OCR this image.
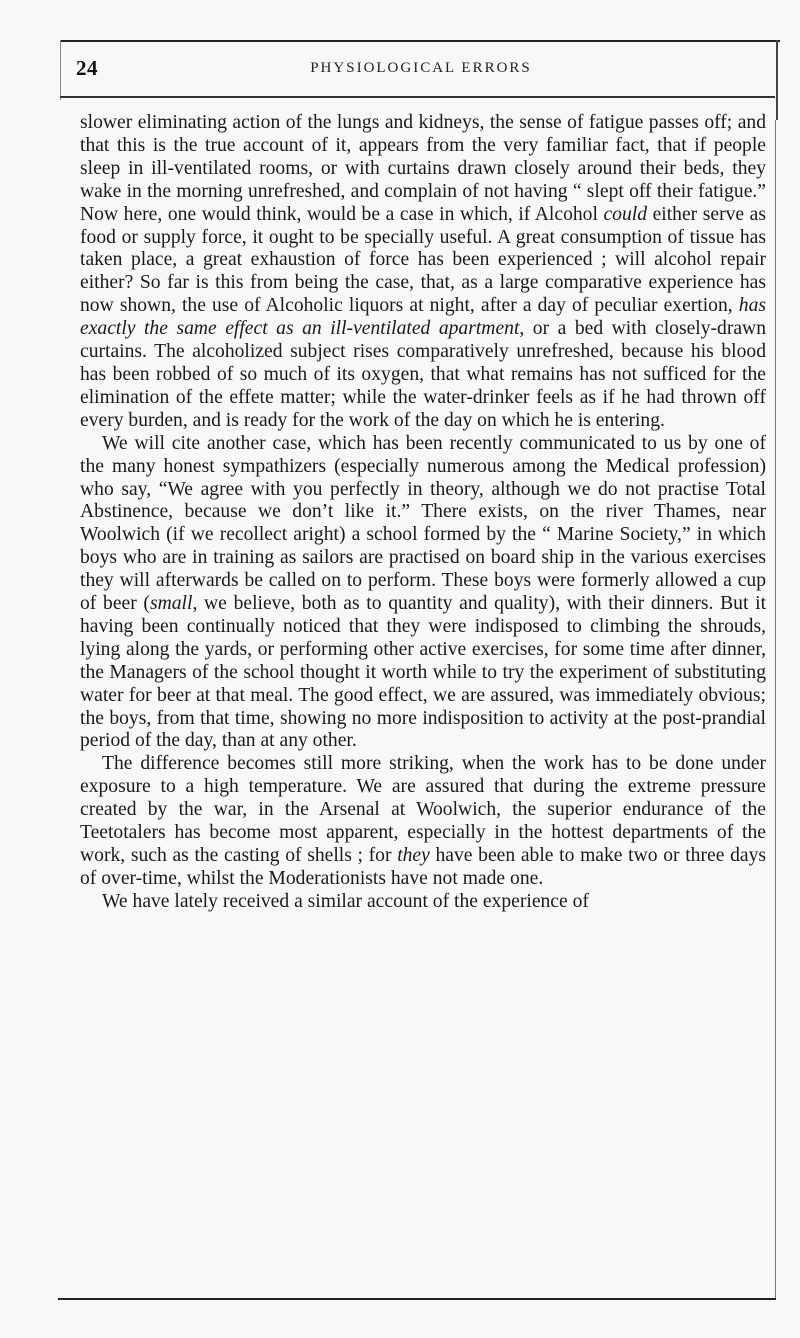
24	PHYSIOLOGICAL ERRORS

slower eliminating action of the lungs and kidneys, the sense of fatigue passes off; and that this is the true account of it, appears from the very familiar fact, that if people sleep in ill-ventilated rooms, or with curtains drawn closely around their beds, they wake in the morning unrefreshed, and complain of not having “ slept off their fatigue.” Now here, one would think, would be a case in which, if Alcohol could either serve as food or supply force, it ought to be specially useful. A great consumption of tissue has taken place, a great exhaustion of force has been experienced ; will alcohol repair either? So far is this from being the case, that, as a large comparative experience has now shown, the use of Alcoholic liquors at night, after a day of peculiar exertion, has exactly the same effect as an ill-ventilated apartment, or a bed with closely-drawn curtains. The alcoholized subject rises comparatively unrefreshed, because his blood has been robbed of so much of its oxygen, that what remains has not sufficed for the elimination of the effete matter; while the water-drinker feels as if he had thrown off every burden, and is ready for the work of the day on which he is entering.

We will cite another case, which has been recently communicated to us by one of the many honest sympathizers (especially numerous among the Medical profession) who say, “We agree with you perfectly in theory, although we do not practise Total Abstinence, because we don’t like it.” There exists, on the river Thames, near Woolwich (if we recollect aright) a school formed by the “ Marine Society,” in which boys who are in training as sailors are practised on board ship in the various exercises they will afterwards be called on to perform. These boys were formerly allowed a cup of beer (small, we believe, both as to quantity and quality), with their dinners. But it having been continually noticed that they were indisposed to climbing the shrouds, lying along the yards, or performing other active exercises, for some time after dinner, the Managers of the school thought it worth while to try the experiment of substituting water for beer at that meal. The good effect, we are assured, was immediately obvious; the boys, from that time, showing no more indisposition to activity at the post-prandial period of the day, than at any other.

The difference becomes still more striking, when the work has to be done under exposure to a high temperature. We are assured that during the extreme pressure created by the war, in the Arsenal at Woolwich, the superior endurance of the Teetotalers has become most apparent, especially in the hottest departments of the work, such as the casting of shells ; for they have been able to make two or three days of over-time, whilst the Moderationists have not made one.

We have lately received a similar account of the experience of
